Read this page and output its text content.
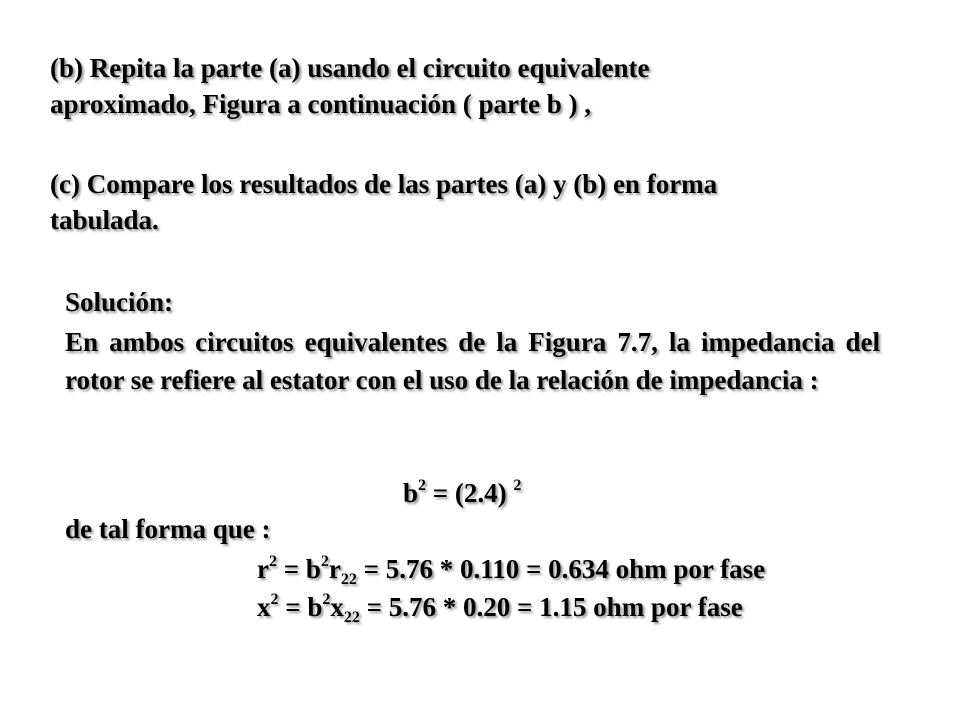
(b) Repita la parte (a) usando el circuito equivalente
aproximado, Figura a continuación ( parte b ) ,

(c) Compare los resultados de las partes (a) y (b) en forma
tabulada.

Solución:

En ambos circuitos equivalentes de la Figura 7.7, la impedancia del rotor se refiere al estator con el uso de la relación de impedancia :

$b^2 = (2.4)$ $^2$

de tal forma que :

$r^2 = b^2r_{22} = 5.76 * 0.110 = 0.634$ ohm por fase

$x^2 = b^2x_{22} = 5.76 * 0.20 = 1.15$ ohm por fase
